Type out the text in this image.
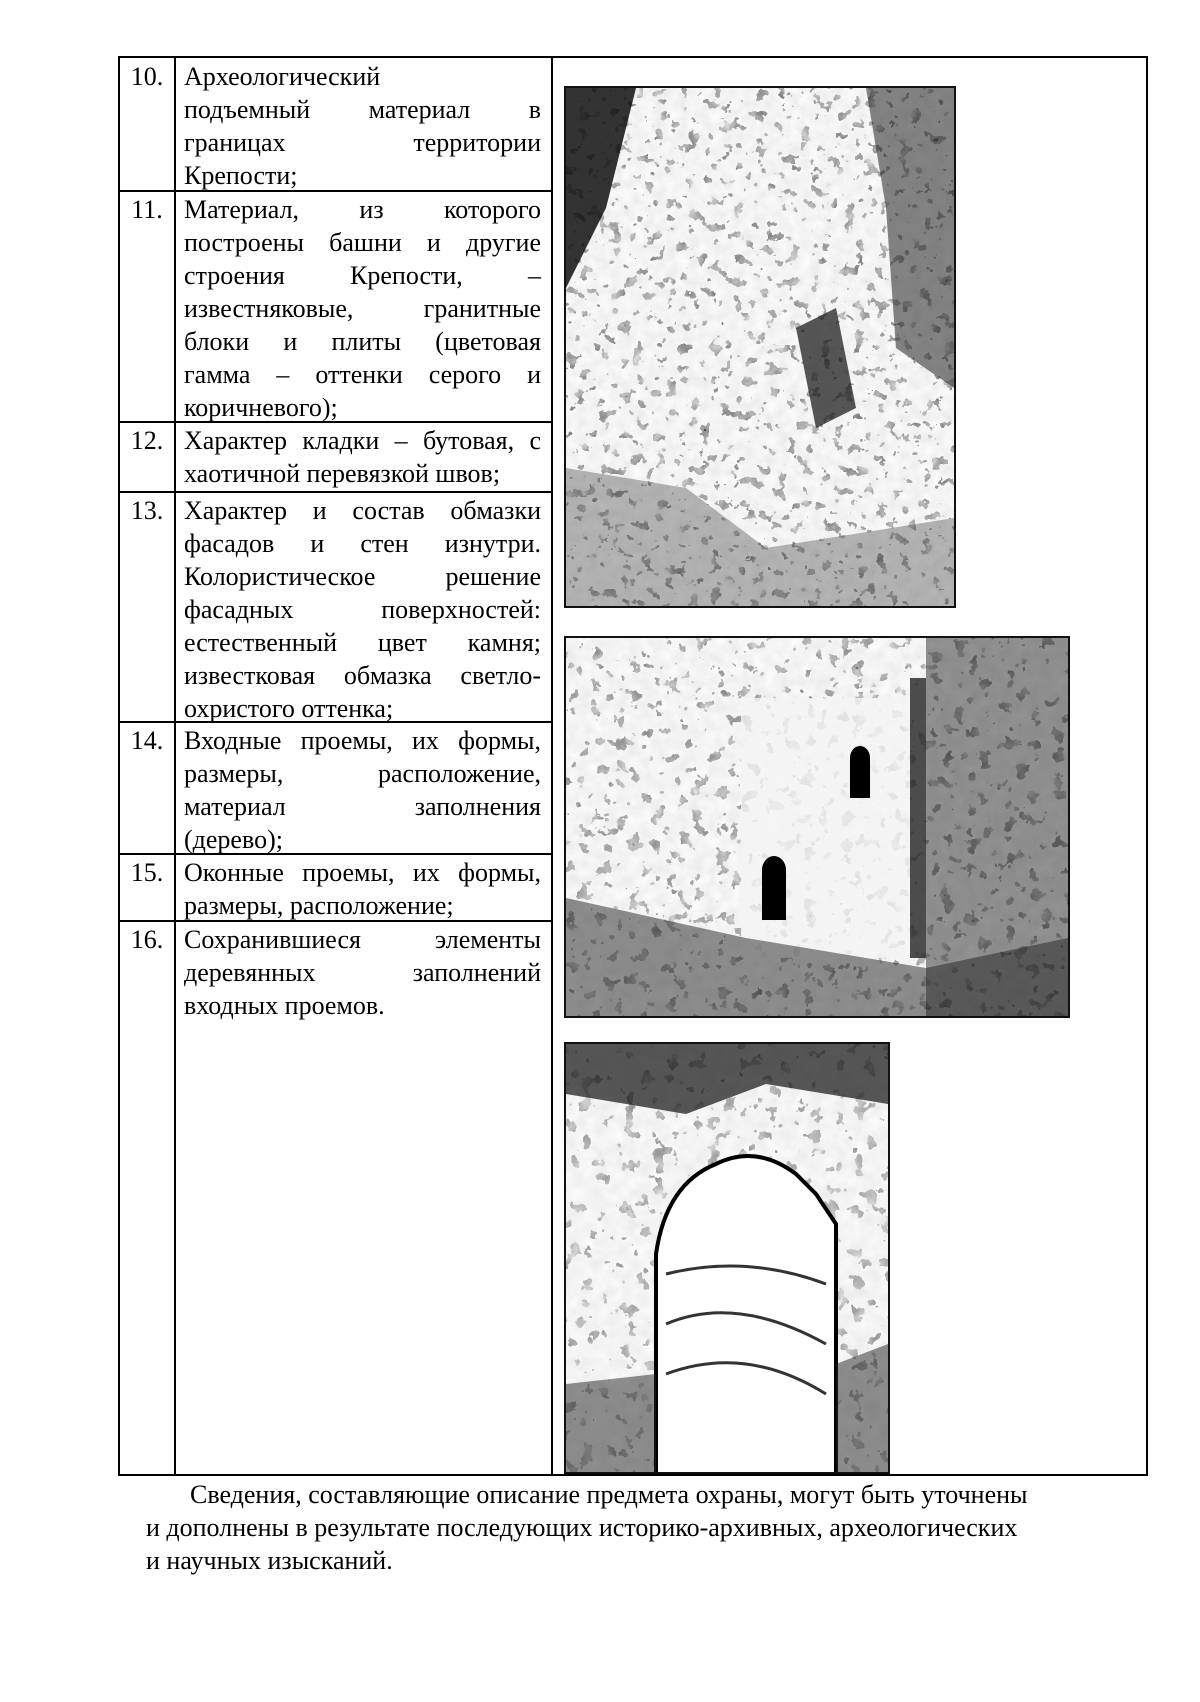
10. Археологический
подъемный материал в
границах территории
Крепости;
11. Материал, из которого
построены башни и другие
строения Крепости, –
известняковые, гранитные
блоки и плиты (цветовая
гамма – оттенки серого и
коричневого);
12. Характер кладки – бутовая, с
хаотичной перевязкой швов;
13. Характер и состав обмазки
фасадов и стен изнутри.
Колористическое решение
фасадных поверхностей:
естественный цвет камня;
известковая обмазка светло-
охристого оттенка;
14. Входные проемы, их формы,
размеры, расположение,
материал заполнения
(дерево);
15. Оконные проемы, их формы,
размеры, расположение;
16. Сохранившиеся элементы
деревянных заполнений
входных проемов.
Сведения, составляющие описание предмета охраны, могут быть уточнены
и дополнены в результате последующих историко-архивных, археологических
и научных изысканий.
